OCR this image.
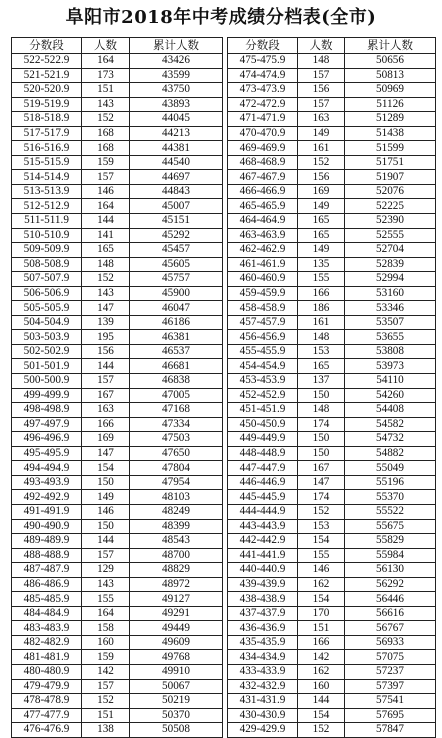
阜阳市2018年中考成绩分档表(全市)
分数段	人数	累计人数
522-522.9	164	43426
521-521.9	173	43599
520-520.9	151	43750
519-519.9	143	43893
518-518.9	152	44045
517-517.9	168	44213
516-516.9	168	44381
515-515.9	159	44540
514-514.9	157	44697
513-513.9	146	44843
512-512.9	164	45007
511-511.9	144	45151
510-510.9	141	45292
509-509.9	165	45457
508-508.9	148	45605
507-507.9	152	45757
506-506.9	143	45900
505-505.9	147	46047
504-504.9	139	46186
503-503.9	195	46381
502-502.9	156	46537
501-501.9	144	46681
500-500.9	157	46838
499-499.9	167	47005
498-498.9	163	47168
497-497.9	166	47334
496-496.9	169	47503
495-495.9	147	47650
494-494.9	154	47804
493-493.9	150	47954
492-492.9	149	48103
491-491.9	146	48249
490-490.9	150	48399
489-489.9	144	48543
488-488.9	157	48700
487-487.9	129	48829
486-486.9	143	48972
485-485.9	155	49127
484-484.9	164	49291
483-483.9	158	49449
482-482.9	160	49609
481-481.9	159	49768
480-480.9	142	49910
479-479.9	157	50067
478-478.9	152	50219
477-477.9	151	50370
476-476.9	138	50508
分数段	人数	累计人数
475-475.9	148	50656
474-474.9	157	50813
473-473.9	156	50969
472-472.9	157	51126
471-471.9	163	51289
470-470.9	149	51438
469-469.9	161	51599
468-468.9	152	51751
467-467.9	156	51907
466-466.9	169	52076
465-465.9	149	52225
464-464.9	165	52390
463-463.9	165	52555
462-462.9	149	52704
461-461.9	135	52839
460-460.9	155	52994
459-459.9	166	53160
458-458.9	186	53346
457-457.9	161	53507
456-456.9	148	53655
455-455.9	153	53808
454-454.9	165	53973
453-453.9	137	54110
452-452.9	150	54260
451-451.9	148	54408
450-450.9	174	54582
449-449.9	150	54732
448-448.9	150	54882
447-447.9	167	55049
446-446.9	147	55196
445-445.9	174	55370
444-444.9	152	55522
443-443.9	153	55675
442-442.9	154	55829
441-441.9	155	55984
440-440.9	146	56130
439-439.9	162	56292
438-438.9	154	56446
437-437.9	170	56616
436-436.9	151	56767
435-435.9	166	56933
434-434.9	142	57075
433-433.9	162	57237
432-432.9	160	57397
431-431.9	144	57541
430-430.9	154	57695
429-429.9	152	57847
